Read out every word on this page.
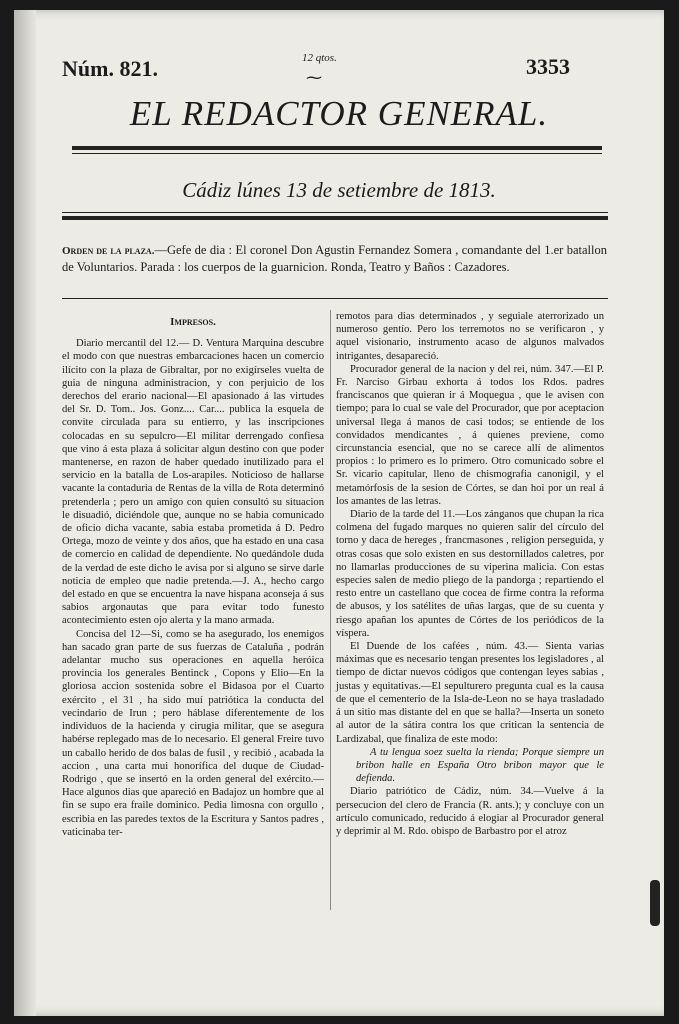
Núm. 821.	12 qtos.
⁓	3353
EL REDACTOR GENERAL.
Cádiz lúnes 13 de setiembre de 1813.
Orden de la plaza.—Gefe de dia : El coronel Don Agustin Fernandez Somera , comandante del 1.er batallon de Voluntarios. Parada : los cuerpos de la guarnicion. Ronda, Teatro y Baños : Cazadores.
Impresos.

Diario mercantil del 12.— D. Ventura Marquina descubre el modo con que nuestras embarcaciones hacen un comercio ilícito con la plaza de Gibraltar, por no exigírseles vuelta de guia de ninguna administracion, y con perjuicio de los derechos del erario nacional—El apasionado á las virtudes del Sr. D. Tom.. Jos. Gonz.... Car.... publica la esquela de convite circulada para su entierro, y las inscripciones colocadas en su sepulcro—El militar derrengado confiesa que vino á esta plaza á solicitar algun destino con que poder mantenerse, en razon de haber quedado inutilizado para el servicio en la batalla de Los-arapiles. Noticioso de hallarse vacante la contaduria de Rentas de la villa de Rota determinó pretenderla ; pero un amigo con quien consultó su situacion le disuadió, diciéndole que, aunque no se habia comunicado de oficio dicha vacante, sabia estaba prometida á D. Pedro Ortega, mozo de veinte y dos años, que ha estado en una casa de comercio en calidad de dependiente. No quedándole duda de la verdad de este dicho le avisa por si alguno se sirve darle noticia de empleo que nadie pretenda.—J. A., hecho cargo del estado en que se encuentra la nave hispana aconseja á sus sabios argonautas que para evitar todo funesto acontecimiento esten ojo alerta y la mano armada.

Concisa del 12—Si, como se ha asegurado, los enemigos han sacado gran parte de sus fuerzas de Cataluña , podrán adelantar mucho sus operaciones en aquella heróica provincia los generales Bentinck , Copons y Elio—En la gloriosa accion sostenida sobre el Bidasoa por el Cuarto exército , el 31 , ha sido muí patriótica la conducta del vecindario de Irun ; pero háblase diferentemente de los individuos de la hacienda y cirugia militar, que se asegura habérse replegado mas de lo necesario. El general Freire tuvo un caballo herido de dos balas de fusil , y recibió , acabada la accion , una carta mui honorífica del duque de Ciudad-Rodrigo , que se insertó en la orden general del exército.—Hace algunos dias que apareció en Badajoz un hombre que al fin se supo era fraile dominico. Pedia limosna con orgullo , escribia en las paredes textos de la Escritura y Santos padres , vaticinaba ter-

remotos para dias determinados , y seguiale aterrorizado un numeroso gentío. Pero los terremotos no se verificaron , y aquel visionario, instrumento acaso de algunos malvados intrigantes, desapareció.

Procurador general de la nacion y del rei, núm. 347.—El P. Fr. Narciso Girbau exhorta á todos los Rdos. padres franciscanos que quieran ir á Moquegua , que le avisen con tiempo; para lo cual se vale del Procurador, que por aceptacion universal llega á manos de casi todos; se entiende de los convidados mendicantes , á quienes previene, como circunstancia esencial, que no se carece allí de alimentos propios : lo primero es lo primero. Otro comunicado sobre el Sr. vicario capitular, lleno de chismografia canonigil, y el metamórfosis de la sesion de Córtes, se dan hoi por un real á los amantes de las letras.

Diario de la tarde del 11.—Los zánganos que chupan la rica colmena del fugado marques no quieren salir del círculo del torno y daca de hereges , francmasones , religion perseguida, y otras cosas que solo existen en sus destornillados caletres, por no llamarlas producciones de su viperina malicia. Con estas especies salen de medio pliego de la pandorga ; repartiendo el resto entre un castellano que cocea de firme contra la reforma de abusos, y los satélites de uñas largas, que de su cuenta y riesgo apañan los apuntes de Córtes de los periódicos de la víspera.

El Duende de los cafées , núm. 43.— Sienta varias máximas que es necesario tengan presentes los legisladores , al tiempo de dictar nuevos códigos que contengan leyes sabias , justas y equitativas.—El sepulturero pregunta cual es la causa de que el cementerio de la Isla-de-Leon no se haya trasladado á un sitio mas distante del en que se halla?—Inserta un soneto al autor de la sátira contra los que critican la sentencia de Lardizabal, que finaliza de este modo:

A tu lengua soez suelta la rienda; Porque siempre un bribon halle en España Otro bribon mayor que le defienda.

Diario patriótico de Cádiz, núm. 34.—Vuelve á la persecucion del clero de Francia (R. ants.); y concluye con un artículo comunicado, reducido á elogiar al Procurador general y deprimir al M. Rdo. obispo de Barbastro por el atroz
